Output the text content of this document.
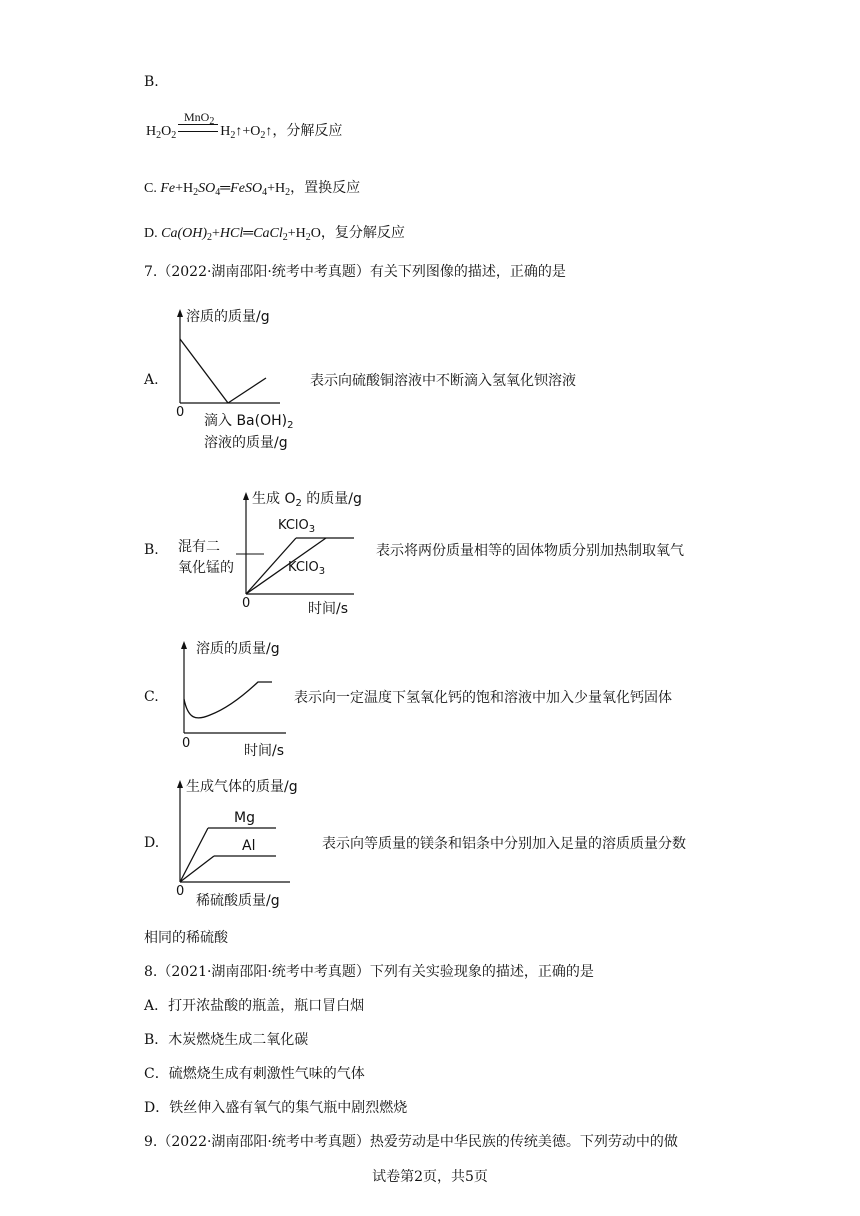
B.
MnO$_2$
$H_2O_2$	$H_2↑+O_2↑$，分解反应
C. $Fe+H_2SO_4═FeSO_4+H_2$，置换反应
D. $Ca(OH)_2+HCl═CaCl_2+H_2O$，复分解反应
7.（2022·湖南邵阳·统考中考真题）有关下列图像的描述，正确的是
A.
溶质的质量/g
0
滴入 $Ba(OH)_2$
溶液的质量/g
表示向硫酸铜溶液中不断滴入氢氧化钡溶液
B.
生成 $O_2$ 的质量/g
混有二
氧化锰的
KClO$_3$
KClO$_3$
0	时间/s
表示将两份质量相等的固体物质分别加热制取氧气
C.
溶质的质量/g
0	时间/s
表示向一定温度下氢氧化钙的饱和溶液中加入少量氧化钙固体
D.
生成气体的质量/g
Mg
Al
0
稀硫酸质量/g
表示向等质量的镁条和铝条中分别加入足量的溶质质量分数
相同的稀硫酸
8.（2021·湖南邵阳·统考中考真题）下列有关实验现象的描述，正确的是
A．打开浓盐酸的瓶盖，瓶口冒白烟
B．木炭燃烧生成二氧化碳
C．硫燃烧生成有刺激性气味的气体
D．铁丝伸入盛有氧气的集气瓶中剧烈燃烧
9.（2022·湖南邵阳·统考中考真题）热爱劳动是中华民族的传统美德。下列劳动中的做
试卷第2页，共5页
